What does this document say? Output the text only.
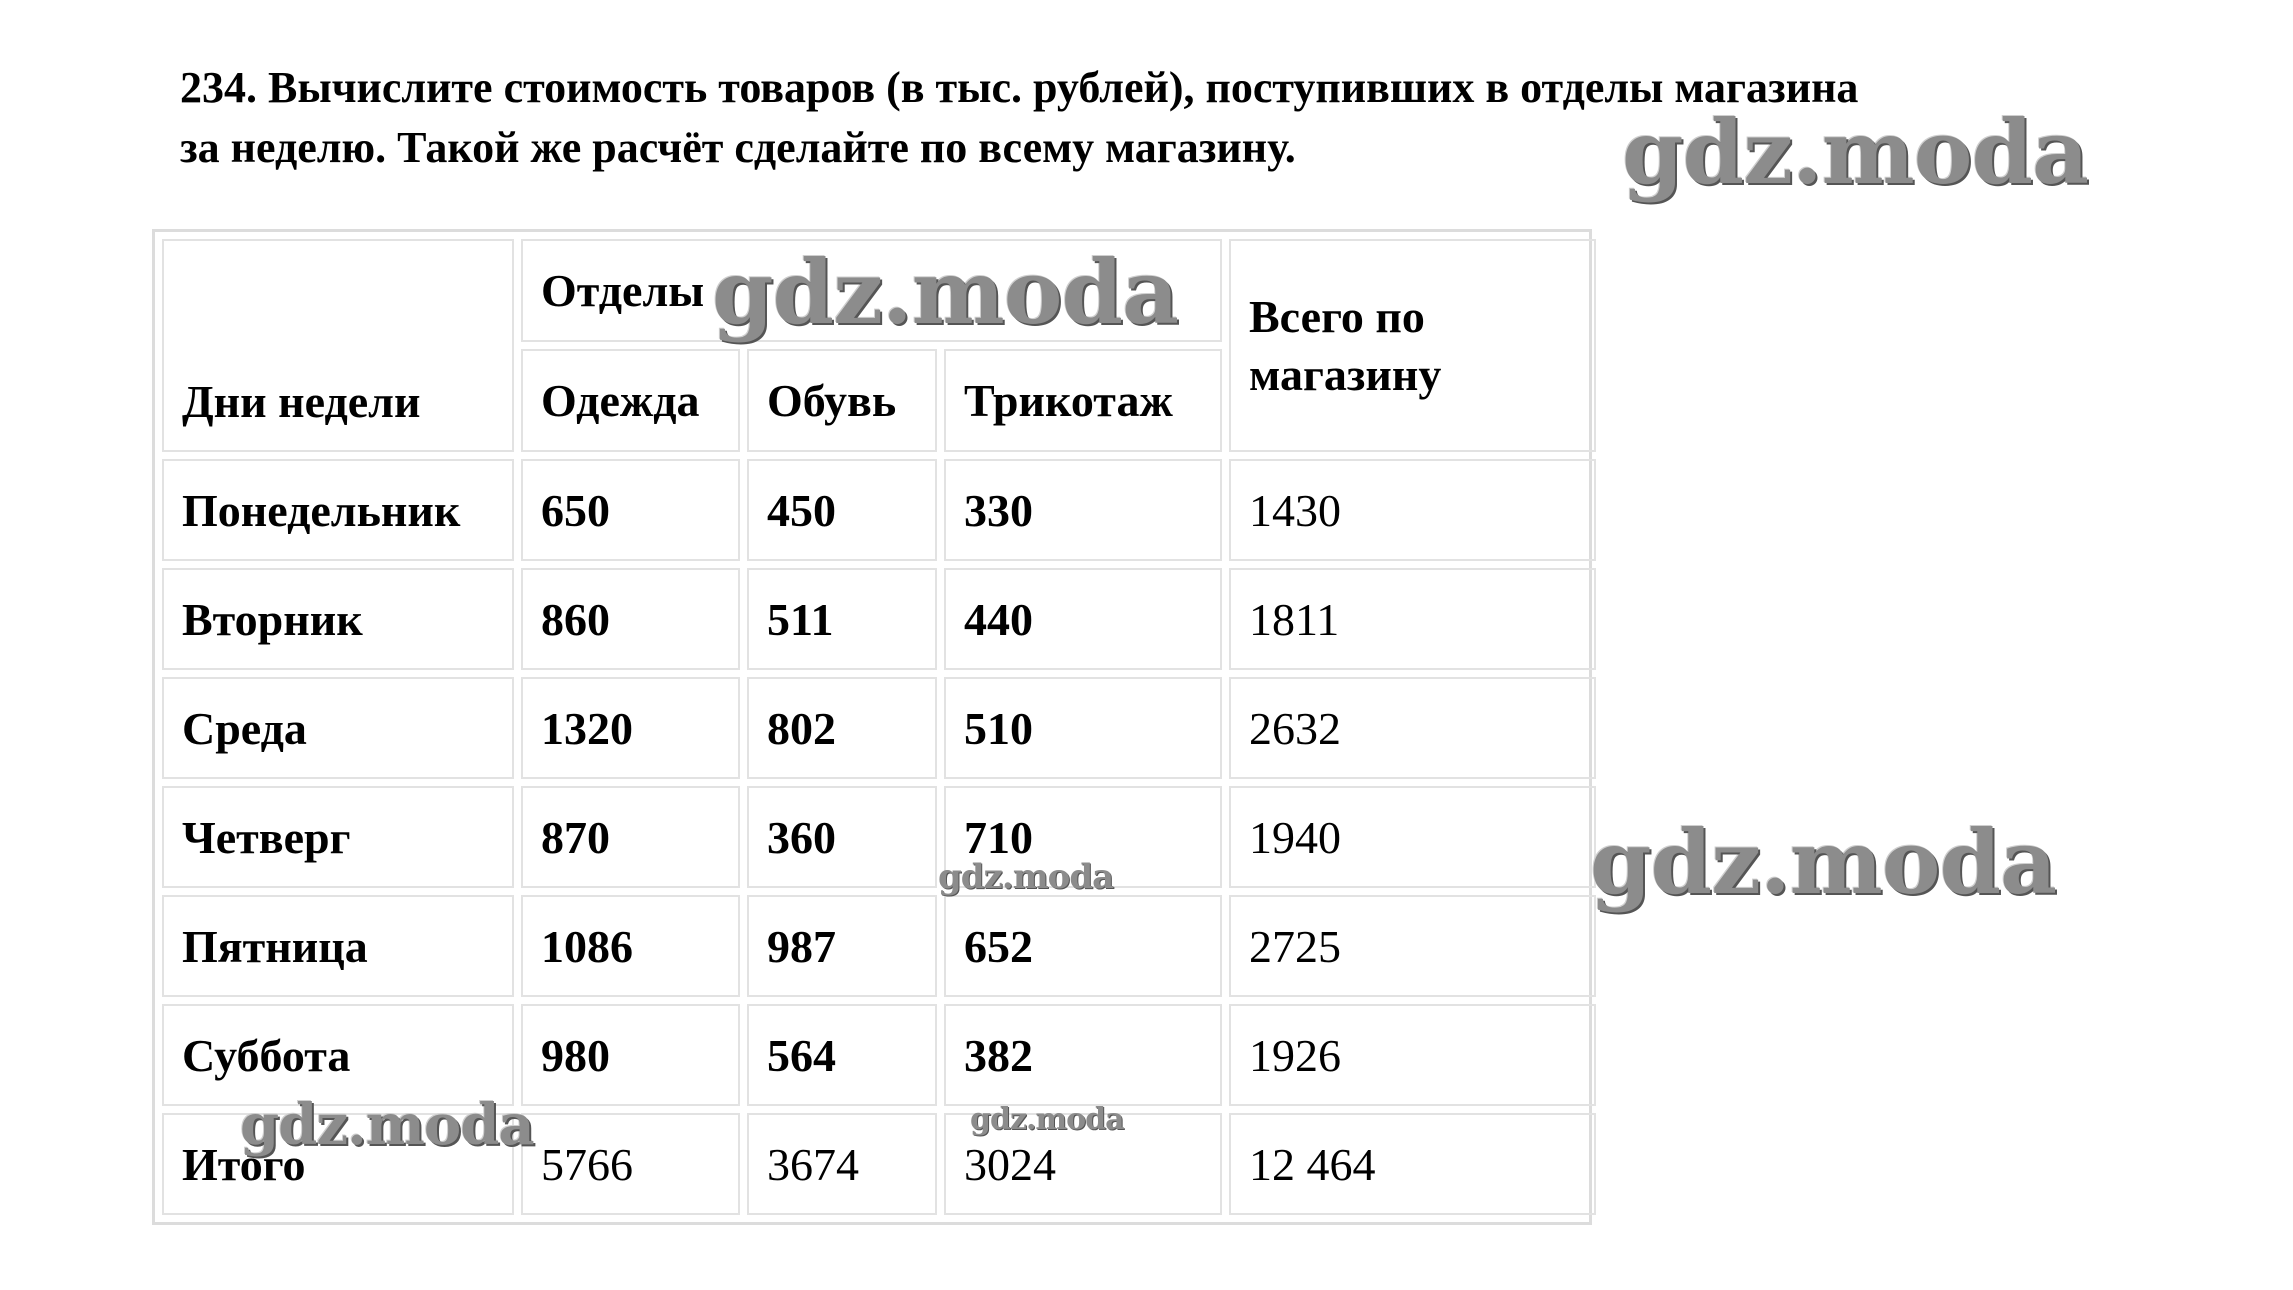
234. Вычислите стоимость товаров (в тыс. рублей), поступивших в отделы магазина
за неделю. Такой же расчёт сделайте по всему магазину.
Дни недели	Отделы			Всего по магазину
	Одежда	Обувь	Трикотаж	
Понедельник	650	450	330	1430
Вторник	860	511	440	1811
Среда	1320	802	510	2632
Четверг	870	360	710	1940
Пятница	1086	987	652	2725
Суббота	980	564	382	1926
Итого	5766	3674	3024	12 464
gdz.moda
gdz.moda
gdz.moda
gdz.moda
gdz.moda	gdz.moda
